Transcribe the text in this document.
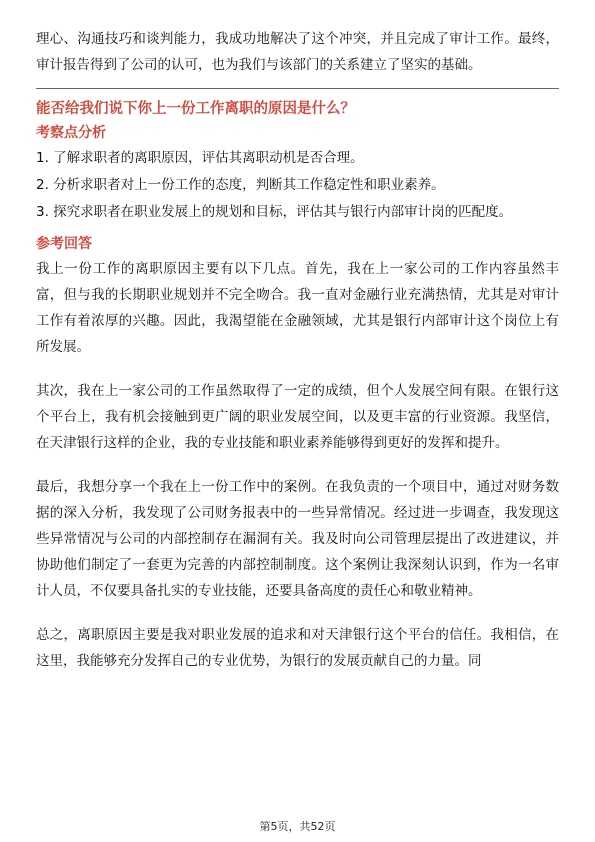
理心、沟通技巧和谈判能力，我成功地解决了这个冲突，并且完成了审计工作。最终，审计报告得到了公司的认可，也为我们与该部门的关系建立了坚实的基础。

能否给我们说下你上一份工作离职的原因是什么？

考察点分析

1. 了解求职者的离职原因，评估其离职动机是否合理。

2. 分析求职者对上一份工作的态度，判断其工作稳定性和职业素养。

3. 探究求职者在职业发展上的规划和目标，评估其与银行内部审计岗的匹配度。

参考回答

我上一份工作的离职原因主要有以下几点。首先，我在上一家公司的工作内容虽然丰富，但与我的长期职业规划并不完全吻合。我一直对金融行业充满热情，尤其是对审计工作有着浓厚的兴趣。因此，我渴望能在金融领域，尤其是银行内部审计这个岗位上有所发展。

其次，我在上一家公司的工作虽然取得了一定的成绩，但个人发展空间有限。在银行这个平台上，我有机会接触到更广阔的职业发展空间，以及更丰富的行业资源。我坚信，在天津银行这样的企业，我的专业技能和职业素养能够得到更好的发挥和提升。

最后，我想分享一个我在上一份工作中的案例。在我负责的一个项目中，通过对财务数据的深入分析，我发现了公司财务报表中的一些异常情况。经过进一步调查，我发现这些异常情况与公司的内部控制存在漏洞有关。我及时向公司管理层提出了改进建议，并协助他们制定了一套更为完善的内部控制制度。这个案例让我深刻认识到，作为一名审计人员，不仅要具备扎实的专业技能，还要具备高度的责任心和敬业精神。

总之，离职原因主要是我对职业发展的追求和对天津银行这个平台的信任。我相信，在这里，我能够充分发挥自己的专业优势，为银行的发展贡献自己的力量。同

第5页，共52页
